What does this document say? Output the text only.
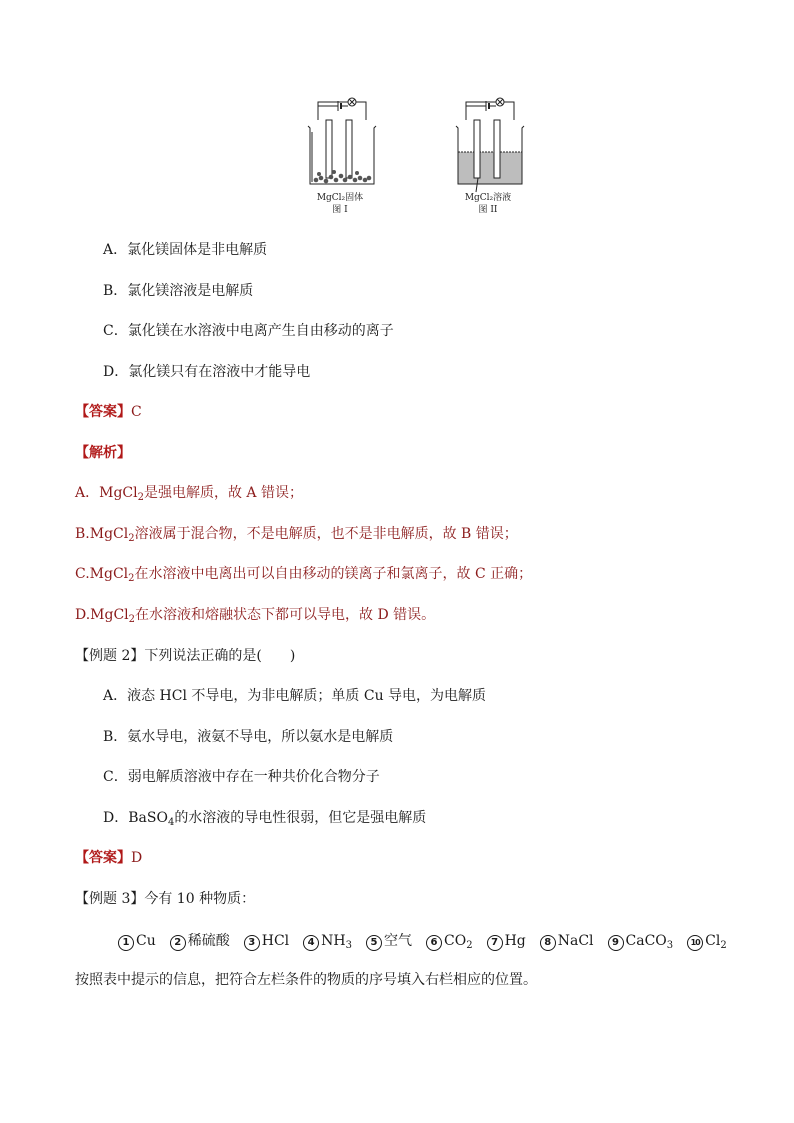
MgCl₂固体
图 I
MgCl₂溶液
图 II
A．氯化镁固体是非电解质
B．氯化镁溶液是电解质
C．氯化镁在水溶液中电离产生自由移动的离子
D．氯化镁只有在溶液中才能导电
【答案】C
【解析】
A．MgCl$_2$是强电解质，故 A 错误；
B.MgCl$_2$溶液属于混合物，不是电解质，也不是非电解质，故 B 错误；
C.MgCl$_2$在水溶液中电离出可以自由移动的镁离子和氯离子，故 C 正确；
D.MgCl$_2$在水溶液和熔融状态下都可以导电，故 D 错误。
【例题 2】下列说法正确的是(　　)
A．液态 HCl 不导电，为非电解质；单质 Cu 导电，为电解质
B．氨水导电，液氨不导电，所以氨水是电解质
C．弱电解质溶液中存在一种共价化合物分子
D．BaSO$_4$的水溶液的导电性很弱，但它是强电解质
【答案】D
【例题 3】今有 10 种物质：
1 Cu 2 稀硫酸 3 HCl 4 $NH_3$ 5 空气 6 $CO_2$ 7 Hg 8 NaCl 9 CaCO$_3$ 10 $Cl_2$
按照表中提示的信息，把符合左栏条件的物质的序号填入右栏相应的位置。
